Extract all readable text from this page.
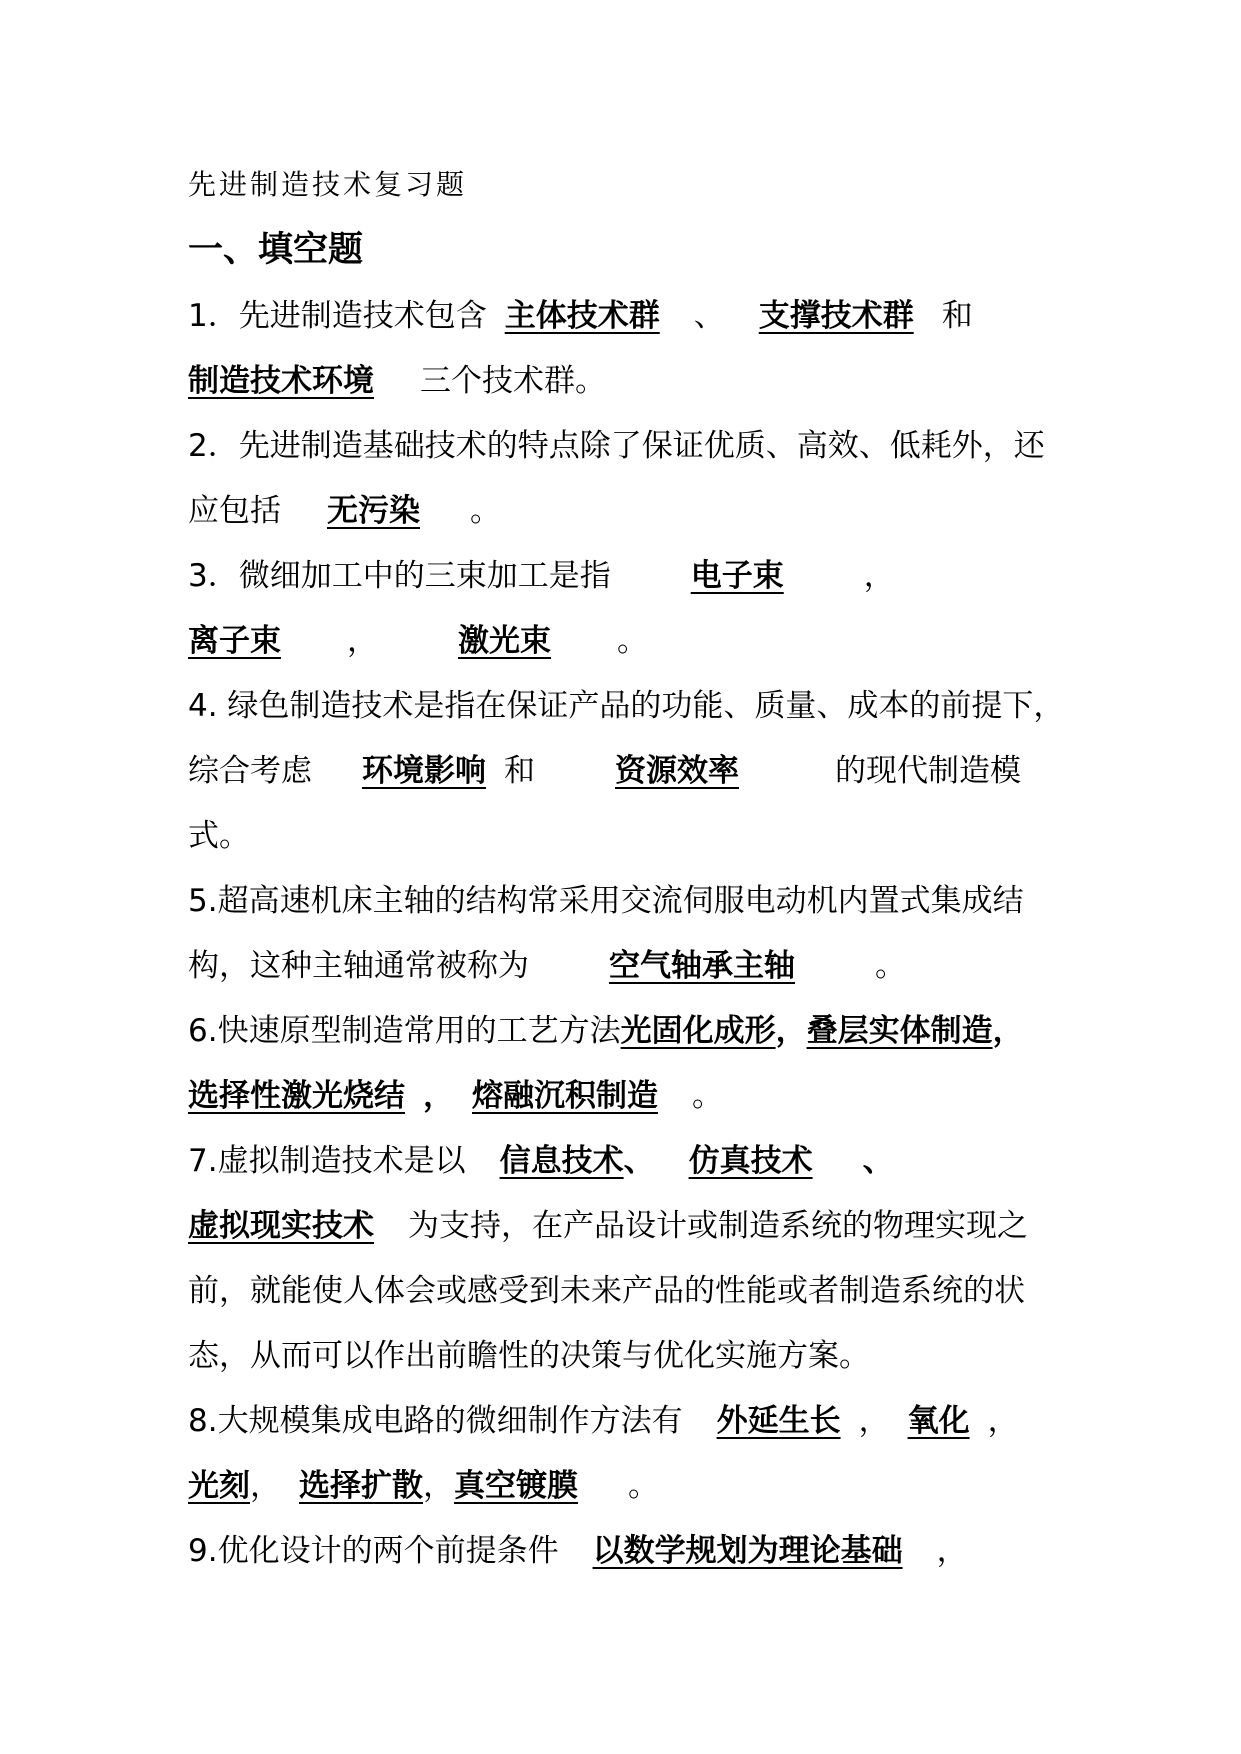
先进制造技术复习题
一、填空题

1．先进制造技术包含 主体技术群 、 支撑技术群 和 制造技术环境 三个技术群。

2．先进制造基础技术的特点除了保证优质、高效、低耗外，还应包括 无污染 。

3．微细加工中的三束加工是指	电子束	，离子束 ，	激光束 。

4. 绿色制造技术是指在保证产品的功能、质量、成本的前提下，综合考虑 环境影响 和	资源效率	的现代制造模式。

5.超高速机床主轴的结构常采用交流伺服电动机内置式集成结构，这种主轴通常被称为	空气轴承主轴	。

6.快速原型制造常用的工艺方法光固化成形，叠层实体制造，选择性激光烧结 ， 熔融沉积制造 。

7.虚拟制造技术是以 信息技术、 仿真技术 、虚拟现实技术 为支持，在产品设计或制造系统的物理实现之前，就能使人体会或感受到未来产品的性能或者制造系统的状态，从而可以作出前瞻性的决策与优化实施方案。

8.大规模集成电路的微细制作方法有 外延生长 ， 氧化 ， 光刻， 选择扩散，真空镀膜 。

9.优化设计的两个前提条件 以数学规划为理论基础 ，
